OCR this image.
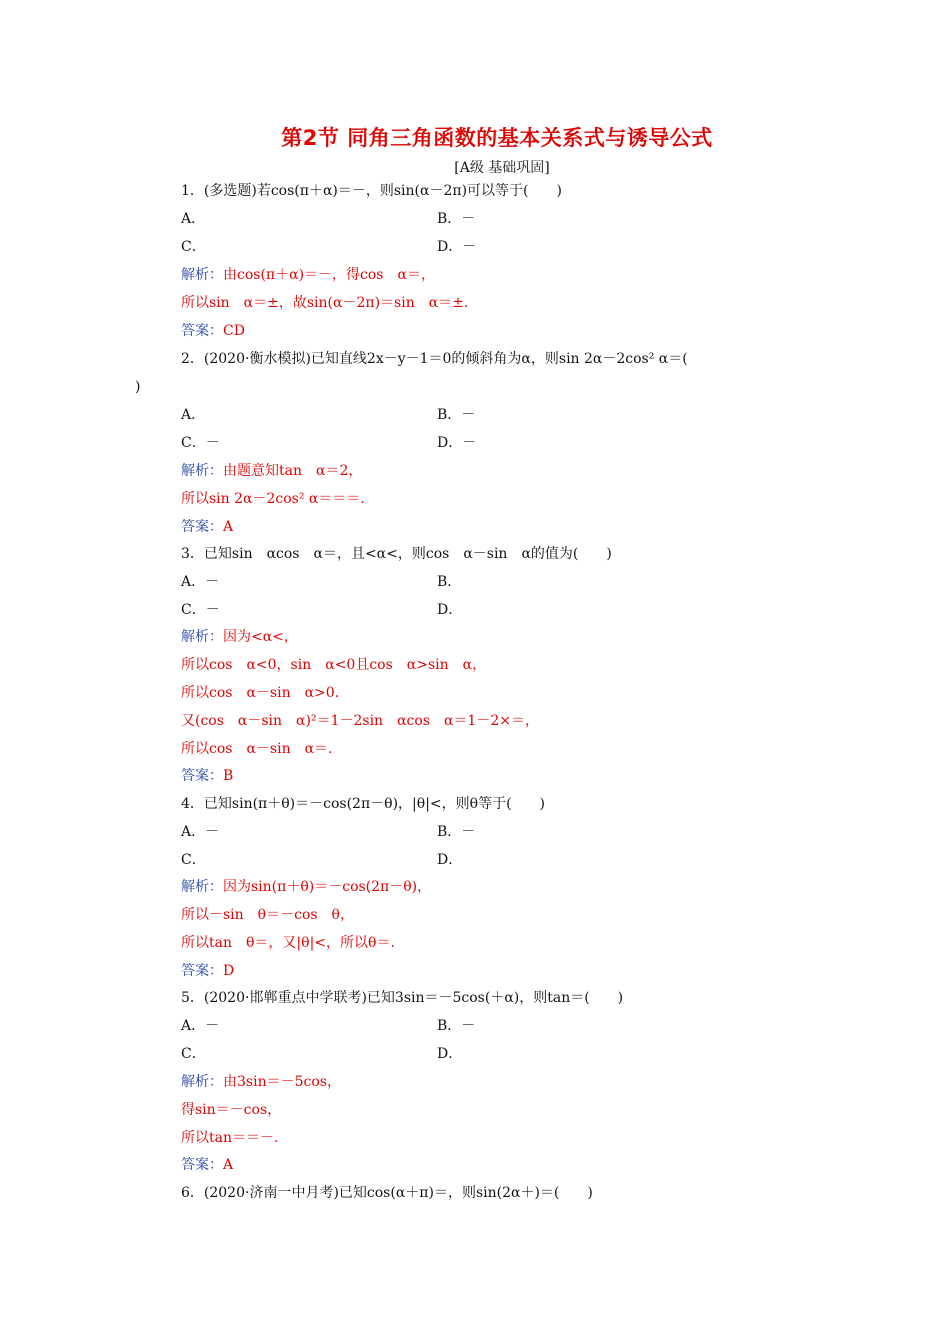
第2节 同角三角函数的基本关系式与诱导公式
[A级 基础巩固]
1．(多选题)若cos(π＋α)＝－，则sin(α－2π)可以等于(　　)
A．	B．－
C．	D．－
解析：由cos(π＋α)＝－，得cos　α＝，
所以sin　α＝±，故sin(α－2π)＝sin　α＝±.
答案：CD
2．(2020·衡水模拟)已知直线2x－y－1＝0的倾斜角为α，则sin 2α－2cos² α＝(
)
A．	B．－
C．－	D．－
解析：由题意知tan　α＝2，
所以sin 2α－2cos² α＝＝＝.
答案：A
3．已知sin　αcos　α＝，且<α<，则cos　α－sin　α的值为(　　)
A．－	B．
C．－	D．
解析：因为<α<，
所以cos　α<0，sin　α<0且cos　α>sin　α，
所以cos　α－sin　α>0.
又(cos　α－sin　α)²＝1－2sin　αcos　α＝1－2×＝，
所以cos　α－sin　α＝.
答案：B
4．已知sin(π＋θ)＝－cos(2π－θ)，|θ|<，则θ等于(　　)
A．－	B．－
C．	D．
解析：因为sin(π＋θ)＝－cos(2π－θ)，
所以－sin　θ＝－cos　θ，
所以tan　θ＝，又|θ|<，所以θ＝.
答案：D
5．(2020·邯郸重点中学联考)已知3sin＝－5cos(＋α)，则tan＝(　　)
A．－	B．－
C．	D．
解析：由3sin＝－5cos，
得sin＝－cos，
所以tan＝＝－.
答案：A
6．(2020·济南一中月考)已知cos(α＋π)＝，则sin(2α＋)＝(　　)
